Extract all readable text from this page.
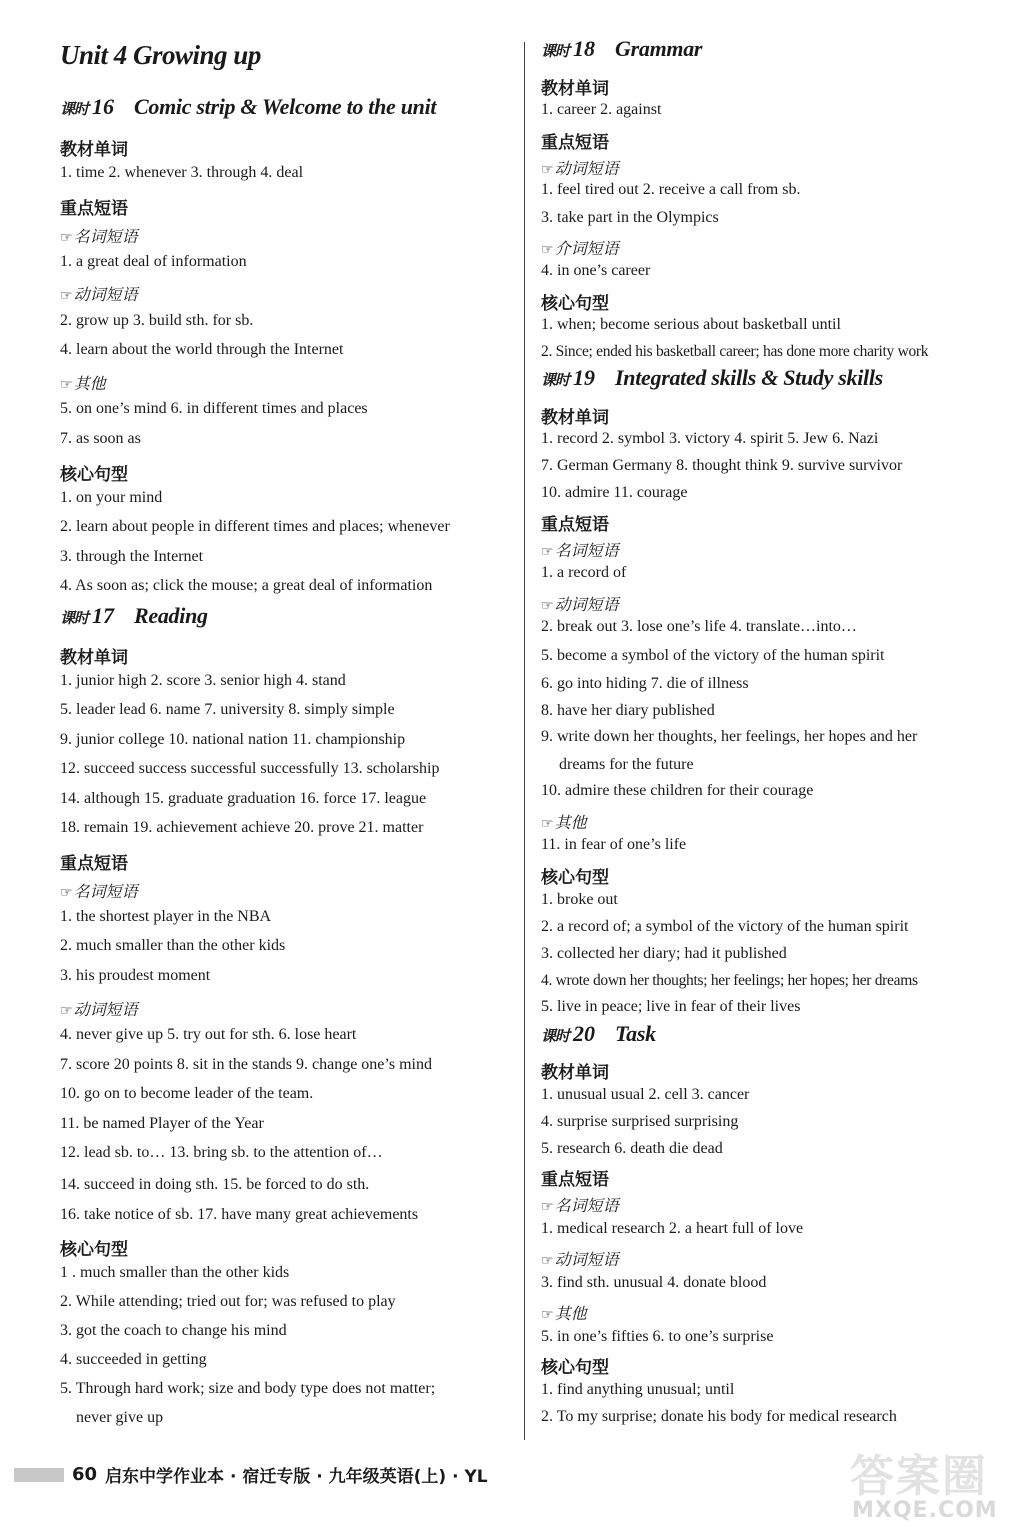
Unit 4 Growing up
课时 16 Comic strip & Welcome to the unit
教材单词
1. time 2. whenever 3. through 4. deal
重点短语
☞名词短语
1. a great deal of information
☞动词短语
2. grow up 3. build sth. for sb.
4. learn about the world through the Internet
☞其他
5. on one’s mind 6. in different times and places
7. as soon as
核心句型
1. on your mind
2. learn about people in different times and places; whenever
3. through the Internet
4. As soon as; click the mouse; a great deal of information
课时 17 Reading
教材单词
1. junior high 2. score 3. senior high 4. stand
5. leader lead 6. name 7. university 8. simply simple
9. junior college 10. national nation 11. championship
12. succeed success successful successfully 13. scholarship
14. although 15. graduate graduation 16. force 17. league
18. remain 19. achievement achieve 20. prove 21. matter
重点短语
☞名词短语
1. the shortest player in the NBA
2. much smaller than the other kids
3. his proudest moment
☞动词短语
4. never give up 5. try out for sth. 6. lose heart
7. score 20 points 8. sit in the stands 9. change one’s mind
10. go on to become leader of the team.
11. be named Player of the Year
12. lead sb. to… 13. bring sb. to the attention of…
14. succeed in doing sth. 15. be forced to do sth.
16. take notice of sb. 17. have many great achievements
核心句型
1 . much smaller than the other kids
2. While attending; tried out for; was refused to play
3. got the coach to change his mind
4. succeeded in getting
5. Through hard work; size and body type does not matter;
never give up
课时 18 Grammar
教材单词
1. career 2. against
重点短语
☞动词短语
1. feel tired out 2. receive a call from sb.
3. take part in the Olympics
☞介词短语
4. in one’s career
核心句型
1. when; become serious about basketball until
2. Since; ended his basketball career; has done more charity work
课时 19 Integrated skills & Study skills
教材单词
1. record 2. symbol 3. victory 4. spirit 5. Jew 6. Nazi
7. German Germany 8. thought think 9. survive survivor
10. admire 11. courage
重点短语
☞名词短语
1. a record of
☞动词短语
2. break out 3. lose one’s life 4. translate…into…
5. become a symbol of the victory of the human spirit
6. go into hiding 7. die of illness
8. have her diary published
9. write down her thoughts, her feelings, her hopes and her
dreams for the future
10. admire these children for their courage
☞其他
11. in fear of one’s life
核心句型
1. broke out
2. a record of; a symbol of the victory of the human spirit
3. collected her diary; had it published
4. wrote down her thoughts; her feelings; her hopes; her dreams
5. live in peace; live in fear of their lives
课时 20 Task
教材单词
1. unusual usual 2. cell 3. cancer
4. surprise surprised surprising
5. research 6. death die dead
重点短语
☞名词短语
1. medical research 2. a heart full of love
☞动词短语
3. find sth. unusual 4. donate blood
☞其他
5. in one’s fifties 6. to one’s surprise
核心句型
1. find anything unusual; until
2. To my surprise; donate his body for medical research
60 启东中学作业本 · 宿迁专版 · 九年级英语(上) · YL	答案圈
MXQE.COM
